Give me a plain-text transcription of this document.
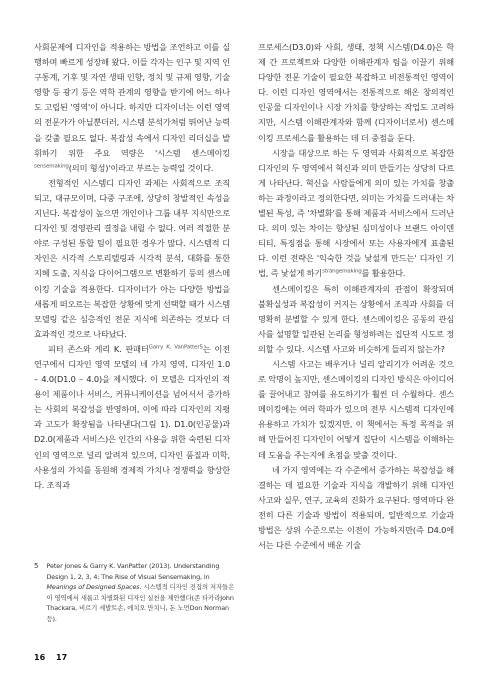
사회문제에 디자인을 적용하는 방법을 조언하고 이를 실행하며 빠르게 성장해 왔다. 이들 각자는 인구 및 지역 인구통계, 기후 및 자연 생태 인향, 정치 및 규제 영향, 기술 영향 등 광기 등은 역학 관계의 영향을 받기에 어느 하나도 고립된 '영역'이 아니다. 하지만 디자이너는 이런 영역의 전문가가 아닐뿐더러, 시스템 분석가처럼 뛰어난 능력을 갖출 필요도 없다. 복잡성 속에서 디자인 리더십을 발휘하기 위한 주요 역량은 '시스템 센스메이킹$^{sensemaking}$(의미 형성)'이라고 부르는 능력일 것이다.

전형적인 시스템디 디자인 과제는 사회적으로 조직되고, 대규모이며, 다중 구조에, 상당히 창발적인 속성을 지닌다. 복잡성이 높으면 개인이나 그룹 내부 지식만으로 디자인 및 경영관리 결정을 내릴 수 없다. 여러 적절한 분야로 구성된 통합 팀이 필요한 경우가 많다. 시스템적 디자인은 시각적 스토리텔링과 시각적 분석, 대화를 통한 지혜 도출, 지식을 다이어그램으로 변환하기 등의 센스메이킹 기술을 적용한다. 디자이너가 아는 다양한 방법을 새롭게 떠오르는 복잡한 상황에 맞게 선택할 때가 시스템 모델링 같은 심층적인 전문 지식에 의존하는 것보다 더 효과적인 것으로 나타났다.

피터 존스와 게리 K. 판패터$^{Garry K. VanPatter5}$는 이전 연구에서 디자인 영역 모델의 네 가지 영역, 디자인 1.0 – 4.0(D1.0 – 4.0)을 제시했다. 이 모델은 디자인의 적용이 제품이나 서비스, 커뮤니케이션을 넘어서서 증가하는 사회의 복잡성을 반영하며, 이에 따라 디자인의 지평과 고도가 확장됨을 나타낸다(그림 1). D1.0(인공물)과 D2.0(제품과 서비스)은 인간의 사용을 위한 숙련된 디자인의 영역으로 널리 알려져 있으며, 디자인 품질과 미학, 사용성의 가치를 동원해 경제적 가치나 경쟁력을 향상한다. 조직과

프로세스(D3.0)와 사회, 생태, 정책 시스템(D4.0)은 학제 간 프로젝트와 다양한 이해관계자 팀을 이끌기 위해 다양한 전문 기술이 필요한 복잡하고 비전통적인 영역이다. 이런 디자인 영역에서는 전통적으로 해온 창의적인 인공물 디자인이나 시장 가치를 향상하는 작업도 고려하지만, 시스템 이해관계자와 함께 (디자이너로서) 센스메이킹 프로세스를 활용하는 데 더 중점을 둔다.

시장을 대상으로 하는 두 영역과 사회적으로 복잡한 디자인의 두 영역에서 혁신과 의미 만들기는 상당히 다르게 나타난다. 혁신을 사람들에게 의미 있는 가치를 창출하는 과정이라고 정의한다면, 의미는 가치를 드러내는 차별된 특성, 즉 '차별화'를 통해 제품과 서비스에서 드러난다. 의미 있는 차이는 향상된 심미성이나 브랜드 아이덴티티, 특징점을 통해 시장에서 또는 사용자에게 표출된다. 이런 전략은 '익숙한 것을 낯설게 만드는' 디자인 기법, 즉 낯설게 하기$^{strangemaking}$를 활용한다.

센스메이킹은 특히 이해관계자의 관점이 확장되며 불확실성과 복잡성이 커지는 상황에서 조직과 사회를 더 명확히 분별할 수 있게 한다. 센스메이킹은 공동의 관심사를 설명할 일관된 논리를 형성하려는 집단적 시도로 정의할 수 있다. 시스템 사고와 비슷하게 들리지 않는가?

시스템 사고는 배우거나 널리 알리기가 어려운 것으로 악명이 높지만, 센스메이킹의 디자인 방식은 아이디어를 끌어내고 참여를 유도하기가 훨씬 더 수월하다. 센스메이킹에는 여러 학파가 있으며 전부 시스템적 디자인에 유용하고 가치가 있겠지만, 이 책에서는 특정 목적을 위해 만들어진 디자인이 어떻게 집단이 시스템을 이해하는 데 도움을 주는지에 초점을 맞출 것이다.

네 가지 영역에는 각 수준에서 증가하는 복잡성을 해결하는 데 필요한 기술과 지식을 개발하기 위해 디자인 사고와 실무, 연구, 교육의 진화가 요구된다. 영역마다 완전히 다른 기술과 방법이 적용되며, 일반적으로 기술과 방법은 상위 수준으로는 이전이 가능하지만(즉 D4.0에서는 다른 수준에서 배운 기술

5 Peter Jones & Garry K. VanPatter (2013). Understanding Design 1, 2, 3, 4: The Rise of Visual Sensemaking, in Meanings of Designed Spaces. 시스템적 디자인 전집의 저자들은 이 영역에서 새롭고 차별화된 디자인 실천을 제안했다(존 타카라John Thackara, 비르기 세발트손, 에치오 만치니, 돈 노먼Don Norman 등).

16 17
